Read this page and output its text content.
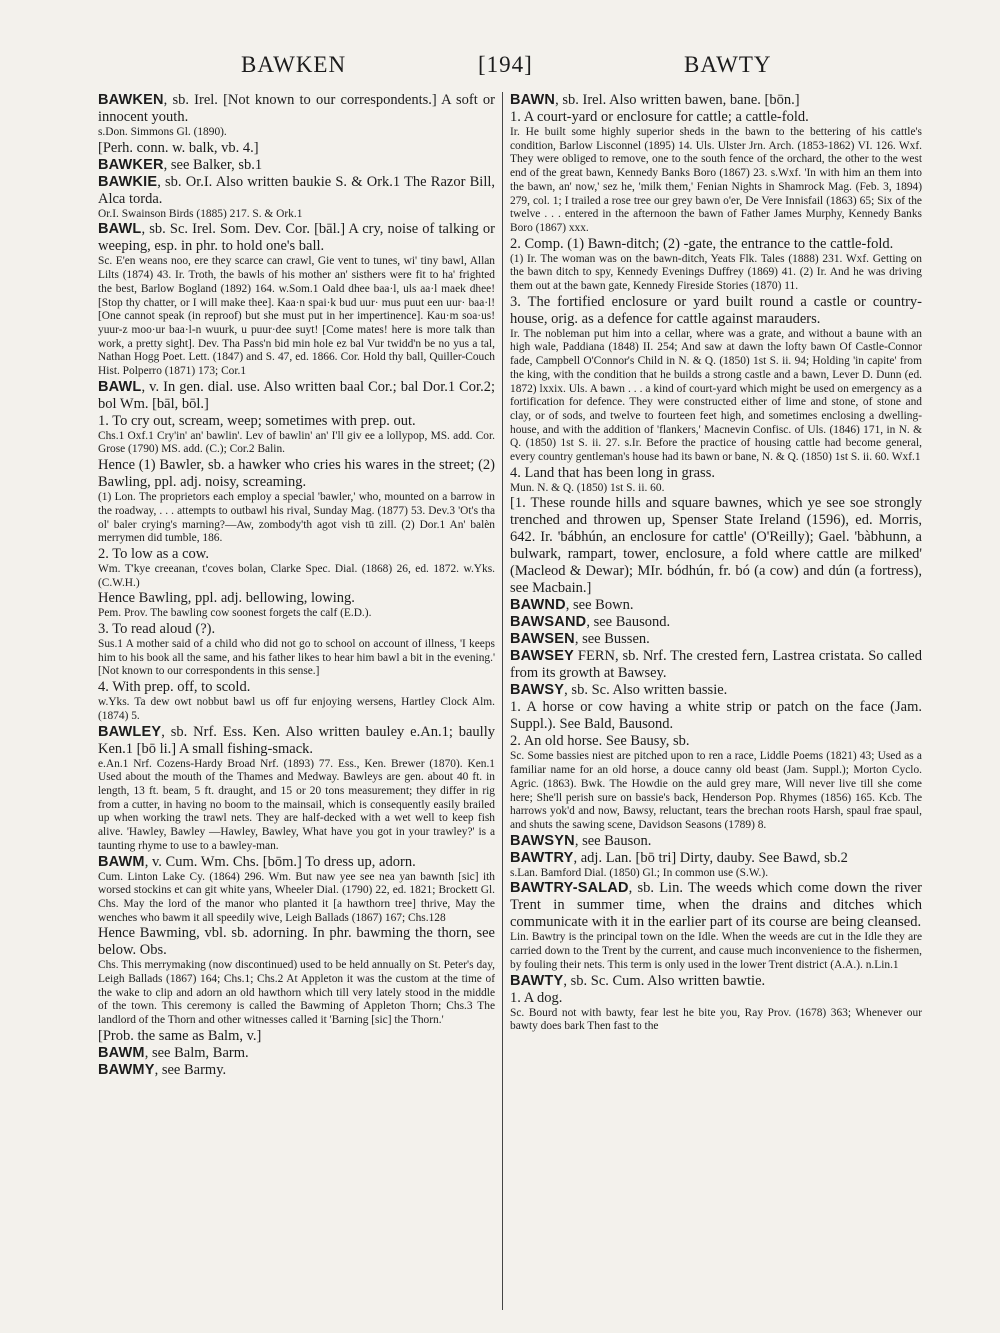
BAWKEN	[194]	BAWTY

BAWKEN, sb. Irel. [Not known to our correspondents.] A soft or innocent youth.

s.Don. Simmons Gl. (1890).

[Perh. conn. w. balk, vb. 4.]

BAWKER, see Balker, sb.1

BAWKIE, sb. Or.I. Also written baukie S. & Ork.1 The Razor Bill, Alca torda.

Or.I. Swainson Birds (1885) 217. S. & Ork.1

BAWL, sb. Sc. Irel. Som. Dev. Cor. [bāl.] A cry, noise of talking or weeping, esp. in phr. to hold one's ball.

Sc. E'en weans noo, ere they scarce can crawl, Gie vent to tunes, wi' tiny bawl, Allan Lilts (1874) 43. Ir. Troth, the bawls of his mother an' sisthers were fit to ha' frighted the best, Barlow Bogland (1892) 164. w.Som.1 Oald dhee baa·l, uls aa·l maek dhee! [Stop thy chatter, or I will make thee]. Kaa·n spai·k bud uur· mus puut een uur· baa·l! [One cannot speak (in reproof) but she must put in her impertinence]. Kau·m soa·us! yuur-z moo·ur baa·l-n wuurk, u puur·dee suyt! [Come mates! here is more talk than work, a pretty sight]. Dev. Tha Pass'n bid min hole ez bal Vur twidd'n be no yus a tal, Nathan Hogg Poet. Lett. (1847) and S. 47, ed. 1866. Cor. Hold thy ball, Quiller-Couch Hist. Polperro (1871) 173; Cor.1

BAWL, v. In gen. dial. use. Also written baal Cor.; bal Dor.1 Cor.2; bol Wm. [bāl, bōl.]

1. To cry out, scream, weep; sometimes with prep. out.

Chs.1 Oxf.1 Cry'in' an' bawlin'. Lev of bawlin' an' I'll giv ee a lollypop, MS. add. Cor. Grose (1790) MS. add. (C.); Cor.2 Balin.

Hence (1) Bawler, sb. a hawker who cries his wares in the street; (2) Bawling, ppl. adj. noisy, screaming.

(1) Lon. The proprietors each employ a special 'bawler,' who, mounted on a barrow in the roadway, . . . attempts to outbawl his rival, Sunday Mag. (1877) 53. Dev.3 'Ot's tha ol' baler crying's marning?—Aw, zombody'th agot vish tū zill. (2) Dor.1 An' balèn merrymen did tumble, 186.

2. To low as a cow.

Wm. T'kye creeanan, t'coves bolan, Clarke Spec. Dial. (1868) 26, ed. 1872. w.Yks. (C.W.H.)

Hence Bawling, ppl. adj. bellowing, lowing.

Pem. Prov. The bawling cow soonest forgets the calf (E.D.).

3. To read aloud (?).

Sus.1 A mother said of a child who did not go to school on account of illness, 'I keeps him to his book all the same, and his father likes to hear him bawl a bit in the evening.' [Not known to our correspondents in this sense.]

4. With prep. off, to scold.

w.Yks. Ta dew owt nobbut bawl us off fur enjoying wersens, Hartley Clock Alm. (1874) 5.

BAWLEY, sb. Nrf. Ess. Ken. Also written bauley e.An.1; baully Ken.1 [bō li.] A small fishing-smack.

e.An.1 Nrf. Cozens-Hardy Broad Nrf. (1893) 77. Ess., Ken. Brewer (1870). Ken.1 Used about the mouth of the Thames and Medway. Bawleys are gen. about 40 ft. in length, 13 ft. beam, 5 ft. draught, and 15 or 20 tons measurement; they differ in rig from a cutter, in having no boom to the mainsail, which is consequently easily brailed up when working the trawl nets. They are half-decked with a wet well to keep fish alive. 'Hawley, Bawley —Hawley, Bawley, What have you got in your trawley?' is a taunting rhyme to use to a bawley-man.

BAWM, v. Cum. Wm. Chs. [bōm.] To dress up, adorn.

Cum. Linton Lake Cy. (1864) 296. Wm. But naw yee see nea yan bawnth [sic] ith worsed stockins et can git white yans, Wheeler Dial. (1790) 22, ed. 1821; Brockett Gl. Chs. May the lord of the manor who planted it [a hawthorn tree] thrive, May the wenches who bawm it all speedily wive, Leigh Ballads (1867) 167; Chs.128

Hence Bawming, vbl. sb. adorning. In phr. bawming the thorn, see below. Obs.

Chs. This merrymaking (now discontinued) used to be held annually on St. Peter's day, Leigh Ballads (1867) 164; Chs.1; Chs.2 At Appleton it was the custom at the time of the wake to clip and adorn an old hawthorn which till very lately stood in the middle of the town. This ceremony is called the Bawming of Appleton Thorn; Chs.3 The landlord of the Thorn and other witnesses called it 'Barning [sic] the Thorn.'

[Prob. the same as Balm, v.]

BAWM, see Balm, Barm.

BAWMY, see Barmy.

BAWN, sb. Irel. Also written bawen, bane. [bōn.]

1. A court-yard or enclosure for cattle; a cattle-fold.

Ir. He built some highly superior sheds in the bawn to the bettering of his cattle's condition, Barlow Lisconnel (1895) 14. Uls. Ulster Jrn. Arch. (1853-1862) VI. 126. Wxf. They were obliged to remove, one to the south fence of the orchard, the other to the west end of the great bawn, Kennedy Banks Boro (1867) 23. s.Wxf. 'In with him an them into the bawn, an' now,' sez he, 'milk them,' Fenian Nights in Shamrock Mag. (Feb. 3, 1894) 279, col. 1; I trailed a rose tree our grey bawn o'er, De Vere Innisfail (1863) 65; Six of the twelve . . . entered in the afternoon the bawn of Father James Murphy, Kennedy Banks Boro (1867) xxx.

2. Comp. (1) Bawn-ditch; (2) -gate, the entrance to the cattle-fold.

(1) Ir. The woman was on the bawn-ditch, Yeats Flk. Tales (1888) 231. Wxf. Getting on the bawn ditch to spy, Kennedy Evenings Duffrey (1869) 41. (2) Ir. And he was driving them out at the bawn gate, Kennedy Fireside Stories (1870) 11.

3. The fortified enclosure or yard built round a castle or country-house, orig. as a defence for cattle against marauders.

Ir. The nobleman put him into a cellar, where was a grate, and without a baune with an high wale, Paddiana (1848) II. 254; And saw at dawn the lofty bawn Of Castle-Connor fade, Campbell O'Connor's Child in N. & Q. (1850) 1st S. ii. 94; Holding 'in capite' from the king, with the condition that he builds a strong castle and a bawn, Lever D. Dunn (ed. 1872) lxxix. Uls. A bawn . . . a kind of court-yard which might be used on emergency as a fortification for defence. They were constructed either of lime and stone, of stone and clay, or of sods, and twelve to fourteen feet high, and sometimes enclosing a dwelling-house, and with the addition of 'flankers,' Macnevin Confisc. of Uls. (1846) 171, in N. & Q. (1850) 1st S. ii. 27. s.Ir. Before the practice of housing cattle had become general, every country gentleman's house had its bawn or bane, N. & Q. (1850) 1st S. ii. 60. Wxf.1

4. Land that has been long in grass.

Mun. N. & Q. (1850) 1st S. ii. 60.

[1. These rounde hills and square bawnes, which ye see soe strongly trenched and throwen up, Spenser State Ireland (1596), ed. Morris, 642. Ir. 'bábhún, an enclosure for cattle' (O'Reilly); Gael. 'bàbhunn, a bulwark, rampart, tower, enclosure, a fold where cattle are milked' (Macleod & Dewar); MIr. bódhún, fr. bó (a cow) and dún (a fortress), see Macbain.]

BAWND, see Bown.

BAWSAND, see Bausond.

BAWSEN, see Bussen.

BAWSEY FERN, sb. Nrf. The crested fern, Lastrea cristata. So called from its growth at Bawsey.

BAWSY, sb. Sc. Also written bassie.

1. A horse or cow having a white strip or patch on the face (Jam. Suppl.). See Bald, Bausond.

2. An old horse. See Bausy, sb.

Sc. Some bassies niest are pitched upon to ren a race, Liddle Poems (1821) 43; Used as a familiar name for an old horse, a douce canny old beast (Jam. Suppl.); Morton Cyclo. Agric. (1863). Bwk. The Howdie on the auld grey mare, Will never live till she come here; She'll perish sure on bassie's back, Henderson Pop. Rhymes (1856) 165. Kcb. The harrows yok'd and now, Bawsy, reluctant, tears the brechan roots Harsh, spaul frae spaul, and shuts the sawing scene, Davidson Seasons (1789) 8.

BAWSYN, see Bauson.

BAWTRY, adj. Lan. [bō tri] Dirty, dauby. See Bawd, sb.2

s.Lan. Bamford Dial. (1850) Gl.; In common use (S.W.).

BAWTRY-SALAD, sb. Lin. The weeds which come down the river Trent in summer time, when the drains and ditches which communicate with it in the earlier part of its course are being cleansed.

Lin. Bawtry is the principal town on the Idle. When the weeds are cut in the Idle they are carried down to the Trent by the current, and cause much inconvenience to the fishermen, by fouling their nets. This term is only used in the lower Trent district (A.A.). n.Lin.1

BAWTY, sb. Sc. Cum. Also written bawtie.

1. A dog.

Sc. Bourd not with bawty, fear lest he bite you, Ray Prov. (1678) 363; Whenever our bawty does bark Then fast to the
